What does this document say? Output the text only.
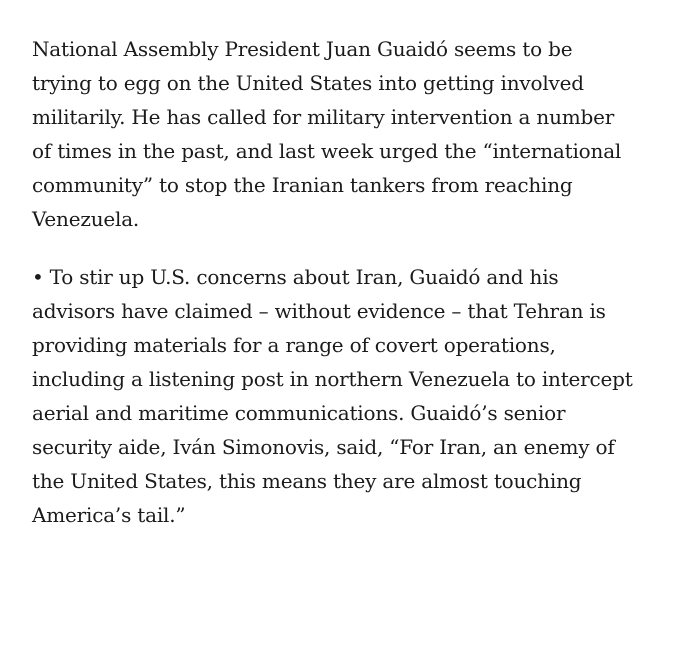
National Assembly President Juan Guaidó seems to be
trying to egg on the United States into getting involved
militarily. He has called for military intervention a number
of times in the past, and last week urged the “international
community” to stop the Iranian tankers from reaching
Venezuela.

• To stir up U.S. concerns about Iran, Guaidó and his
advisors have claimed – without evidence – that Tehran is
providing materials for a range of covert operations,
including a listening post in northern Venezuela to intercept
aerial and maritime communications. Guaidó’s senior
security aide, Iván Simonovis, said, “For Iran, an enemy of
the United States, this means they are almost touching
America’s tail.”
